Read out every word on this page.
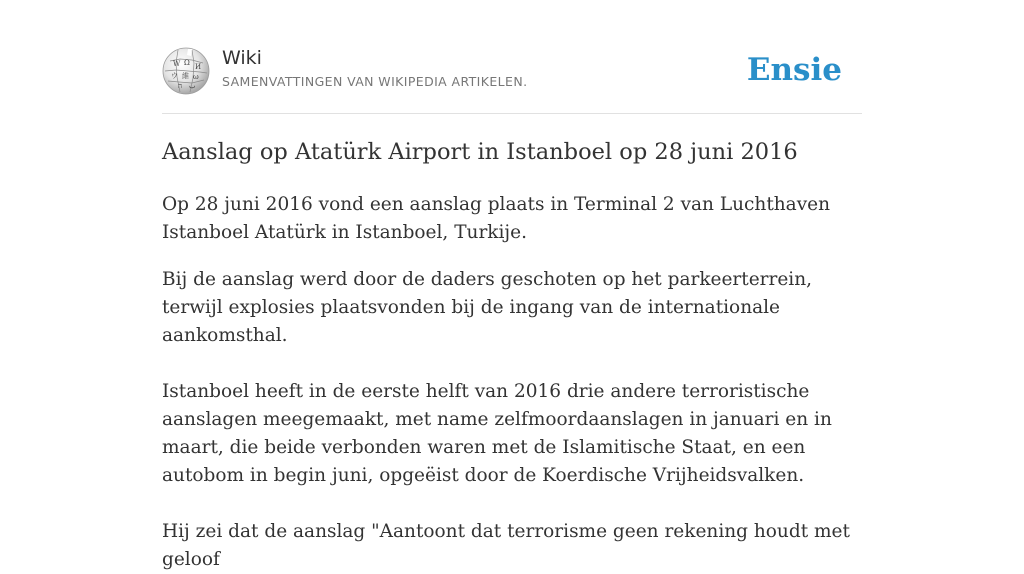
W Ω И
ウ 維 ω
ה ب
Wiki
SAMENVATTINGEN VAN WIKIPEDIA ARTIKELEN.	Ensie
Aanslag op Atatürk Airport in Istanboel op 28 juni 2016

Op 28 juni 2016 vond een aanslag plaats in Terminal 2 van Luchthaven Istanboel Atatürk in Istanboel, Turkije.

Bij de aanslag werd door de daders geschoten op het parkeerterrein, terwijl explosies plaatsvonden bij de ingang van de internationale aankomsthal.

Istanboel heeft in de eerste helft van 2016 drie andere terroristische aanslagen meegemaakt, met name zelfmoordaanslagen in januari en in maart, die beide verbonden waren met de Islamitische Staat, en een autobom in begin juni, opgeëist door de Koerdische Vrijheidsvalken.

Hij zei dat de aanslag "Aantoont dat terrorisme geen rekening houdt met geloof
